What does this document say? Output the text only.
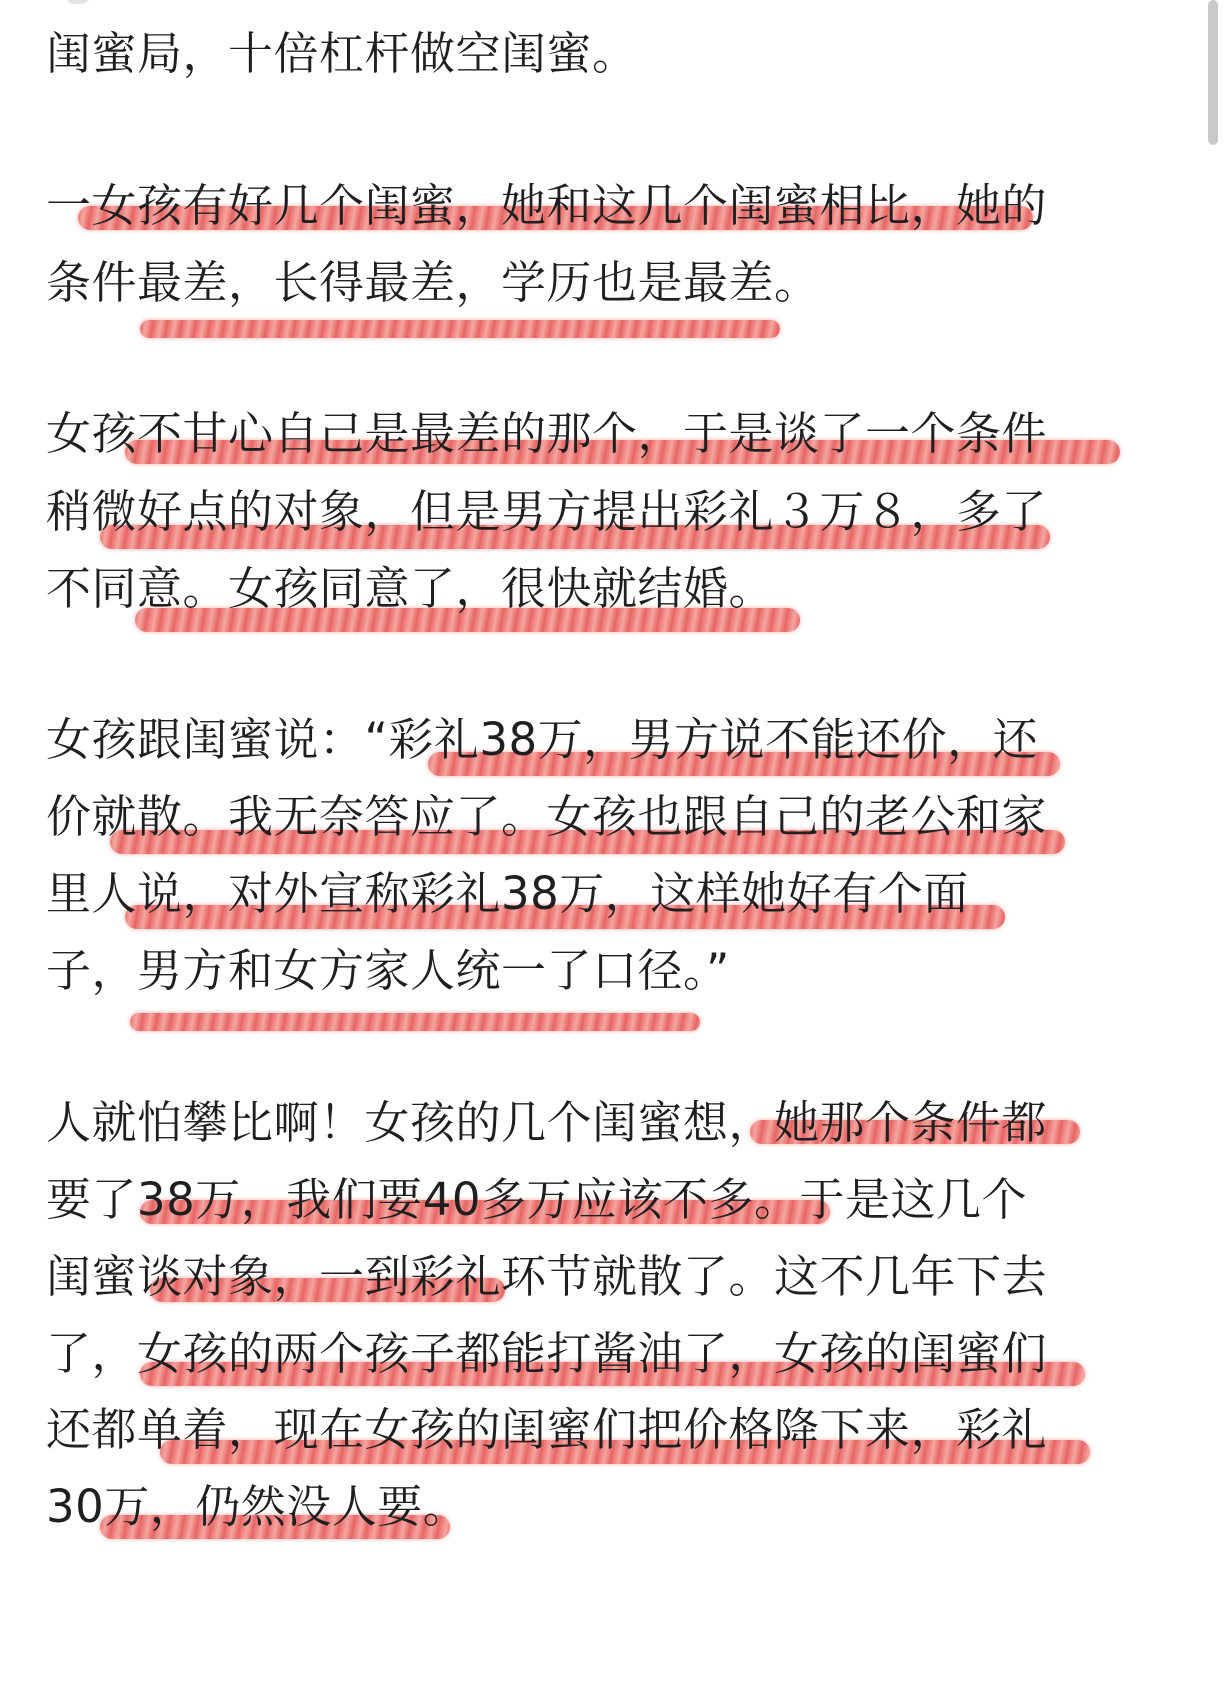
闺蜜局，十倍杠杆做空闺蜜。
一女孩有好几个闺蜜，她和这几个闺蜜相比，她的
条件最差，长得最差，学历也是最差。
女孩不甘心自己是最差的那个，于是谈了一个条件
稍微好点的对象，但是男方提出彩礼３万８，多了
不同意。女孩同意了，很快就结婚。
女孩跟闺蜜说：“彩礼38万，男方说不能还价，还
价就散。我无奈答应了。女孩也跟自己的老公和家
里人说，对外宣称彩礼38万，这样她好有个面
子，男方和女方家人统一了口径。”
人就怕攀比啊！女孩的几个闺蜜想，她那个条件都
要了38万，我们要40多万应该不多。于是这几个
闺蜜谈对象，一到彩礼环节就散了。这不几年下去
了，女孩的两个孩子都能打酱油了，女孩的闺蜜们
还都单着，现在女孩的闺蜜们把价格降下来，彩礼
30万，仍然没人要。
